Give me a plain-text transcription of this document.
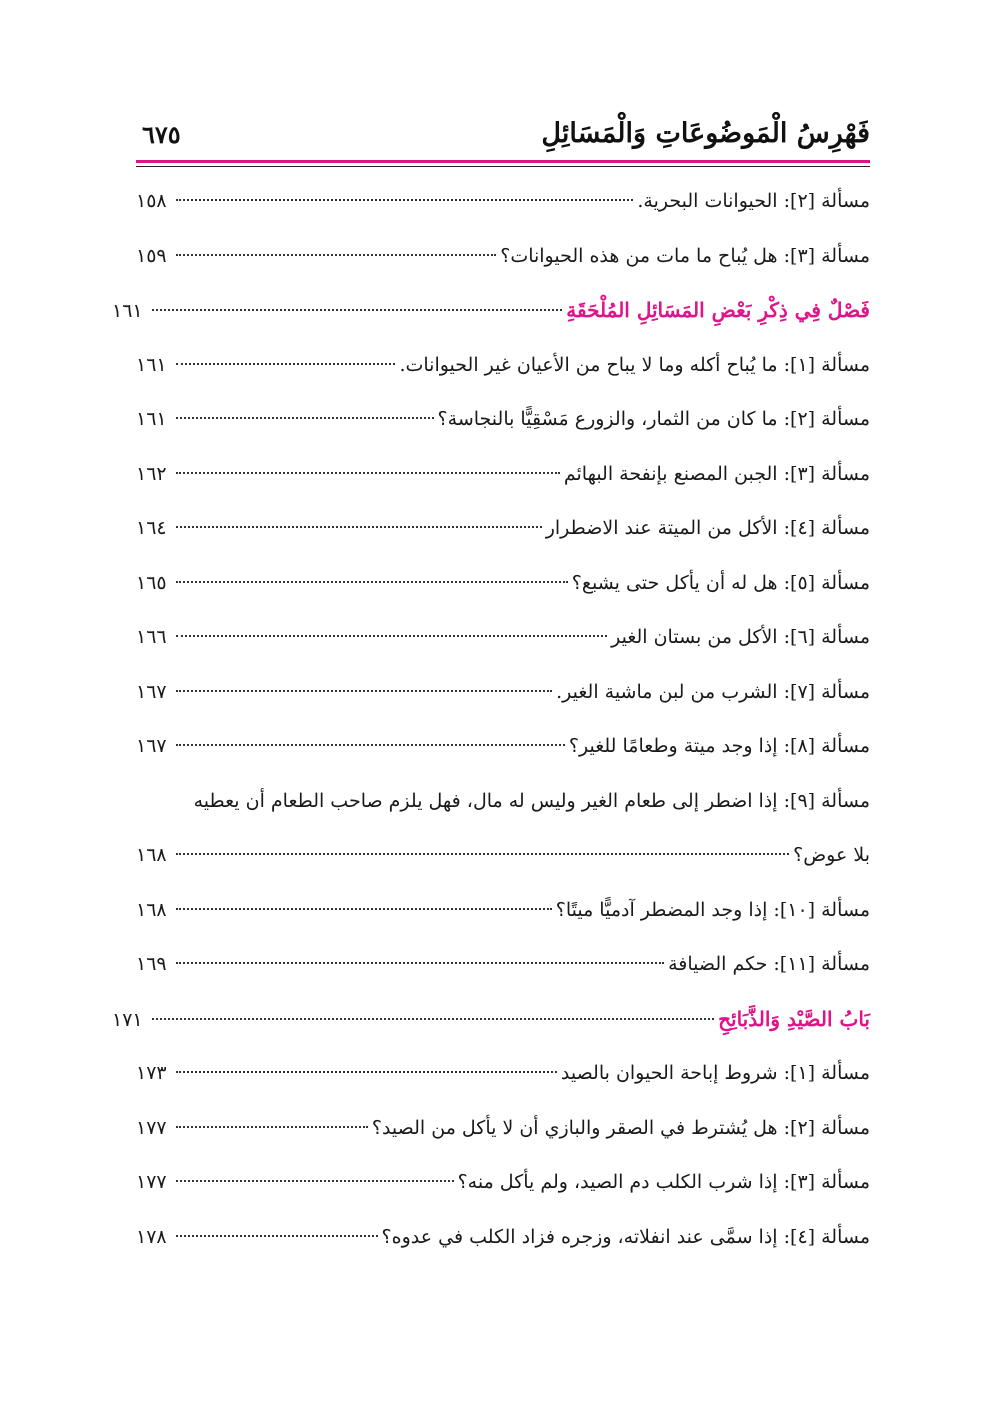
فَهْرِسُ الْمَوضُوعَاتِ وَالْمَسَائِلِ
٦٧٥
مسألة [٢]: الحيوانات البحرية.
١٥٨
مسألة [٣]: هل يُباح ما مات من هذه الحيوانات؟
١٥٩
فَصْلٌ فِي ذِكْرِ بَعْضِ المَسَائِلِ المُلْحَقَةِ
١٦١
مسألة [١]: ما يُباح أكله وما لا يباح من الأعيان غير الحيوانات.
١٦١
مسألة [٢]: ما كان من الثمار، والزورع مَسْقِيًّا بالنجاسة؟
١٦١
مسألة [٣]: الجبن المصنع بإنفحة البهائم
١٦٢
مسألة [٤]: الأكل من الميتة عند الاضطرار
١٦٤
مسألة [٥]: هل له أن يأكل حتى يشبع؟
١٦٥
مسألة [٦]: الأكل من بستان الغير
١٦٦
مسألة [٧]: الشرب من لبن ماشية الغير.
١٦٧
مسألة [٨]: إذا وجد ميتة وطعامًا للغير؟
١٦٧
مسألة [٩]: إذا اضطر إلى طعام الغير وليس له مال، فهل يلزم صاحب الطعام أن يعطيه
بلا عوض؟
١٦٨
مسألة [١٠]: إذا وجد المضطر آدميًّا ميتًا؟
١٦٨
مسألة [١١]: حكم الضيافة
١٦٩
بَابُ الصَّيْدِ وَالذَّبَائِحِ
١٧١
مسألة [١]: شروط إباحة الحيوان بالصيد
١٧٣
مسألة [٢]: هل يُشترط في الصقر والبازي أن لا يأكل من الصيد؟
١٧٧
مسألة [٣]: إذا شرب الكلب دم الصيد، ولم يأكل منه؟
١٧٧
مسألة [٤]: إذا سمَّى عند انفلاته، وزجره فزاد الكلب في عدوه؟
١٧٨
